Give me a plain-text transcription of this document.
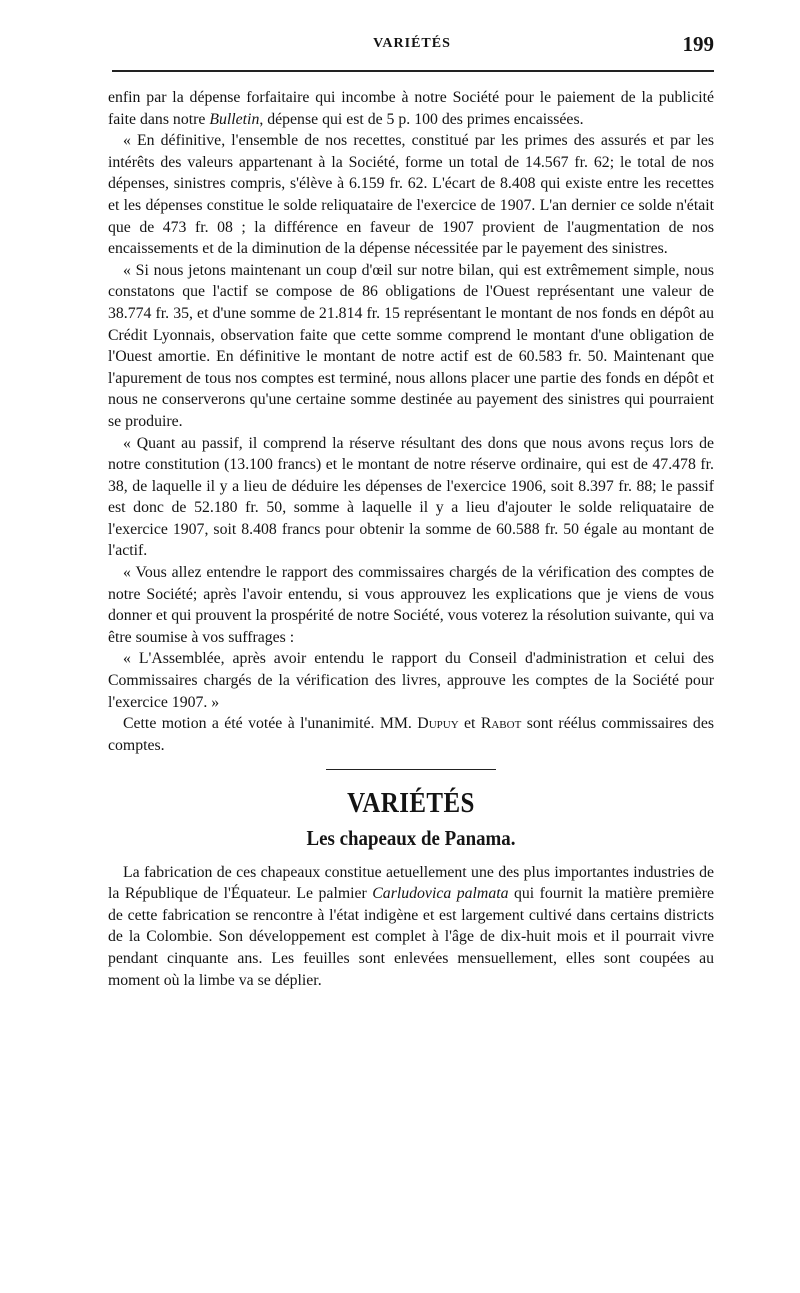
VARIÉTÉS	199

enfin par la dépense forfaitaire qui incombe à notre Société pour le paiement de la publicité faite dans notre Bulletin, dépense qui est de 5 p. 100 des primes encaissées.

« En définitive, l'ensemble de nos recettes, constitué par les primes des assurés et par les intérêts des valeurs appartenant à la Société, forme un total de 14.567 fr. 62; le total de nos dépenses, sinistres compris, s'élève à 6.159 fr. 62. L'écart de 8.408 qui existe entre les recettes et les dépenses constitue le solde reliquataire de l'exercice de 1907. L'an dernier ce solde n'était que de 473 fr. 08 ; la différence en faveur de 1907 provient de l'augmentation de nos encaissements et de la diminution de la dépense nécessitée par le payement des sinistres.

« Si nous jetons maintenant un coup d'œil sur notre bilan, qui est extrêmement simple, nous constatons que l'actif se compose de 86 obligations de l'Ouest représentant une valeur de 38.774 fr. 35, et d'une somme de 21.814 fr. 15 représentant le montant de nos fonds en dépôt au Crédit Lyonnais, observation faite que cette somme comprend le montant d'une obligation de l'Ouest amortie. En définitive le montant de notre actif est de 60.583 fr. 50. Maintenant que l'apurement de tous nos comptes est terminé, nous allons placer une partie des fonds en dépôt et nous ne conserverons qu'une certaine somme destinée au payement des sinistres qui pourraient se produire.

« Quant au passif, il comprend la réserve résultant des dons que nous avons reçus lors de notre constitution (13.100 francs) et le montant de notre réserve ordinaire, qui est de 47.478 fr. 38, de laquelle il y a lieu de déduire les dépenses de l'exercice 1906, soit 8.397 fr. 88; le passif est donc de 52.180 fr. 50, somme à laquelle il y a lieu d'ajouter le solde reliquataire de l'exercice 1907, soit 8.408 francs pour obtenir la somme de 60.588 fr. 50 égale au montant de l'actif.

« Vous allez entendre le rapport des commissaires chargés de la vérification des comptes de notre Société; après l'avoir entendu, si vous approuvez les explications que je viens de vous donner et qui prouvent la prospérité de notre Société, vous voterez la résolution suivante, qui va être soumise à vos suffrages :

« L'Assemblée, après avoir entendu le rapport du Conseil d'administration et celui des Commissaires chargés de la vérification des livres, approuve les comptes de la Société pour l'exercice 1907. »

Cette motion a été votée à l'unanimité. MM. Dupuy et Rabot sont réélus commissaires des comptes.

VARIÉTÉS
Les chapeaux de Panama.

La fabrication de ces chapeaux constitue aetuellement une des plus importantes industries de la République de l'Équateur. Le palmier Carludovica palmata qui fournit la matière première de cette fabrication se rencontre à l'état indigène et est largement cultivé dans certains districts de la Colombie. Son développement est complet à l'âge de dix-huit mois et il pourrait vivre pendant cinquante ans. Les feuilles sont enlevées mensuellement, elles sont coupées au moment où la limbe va se déplier.
